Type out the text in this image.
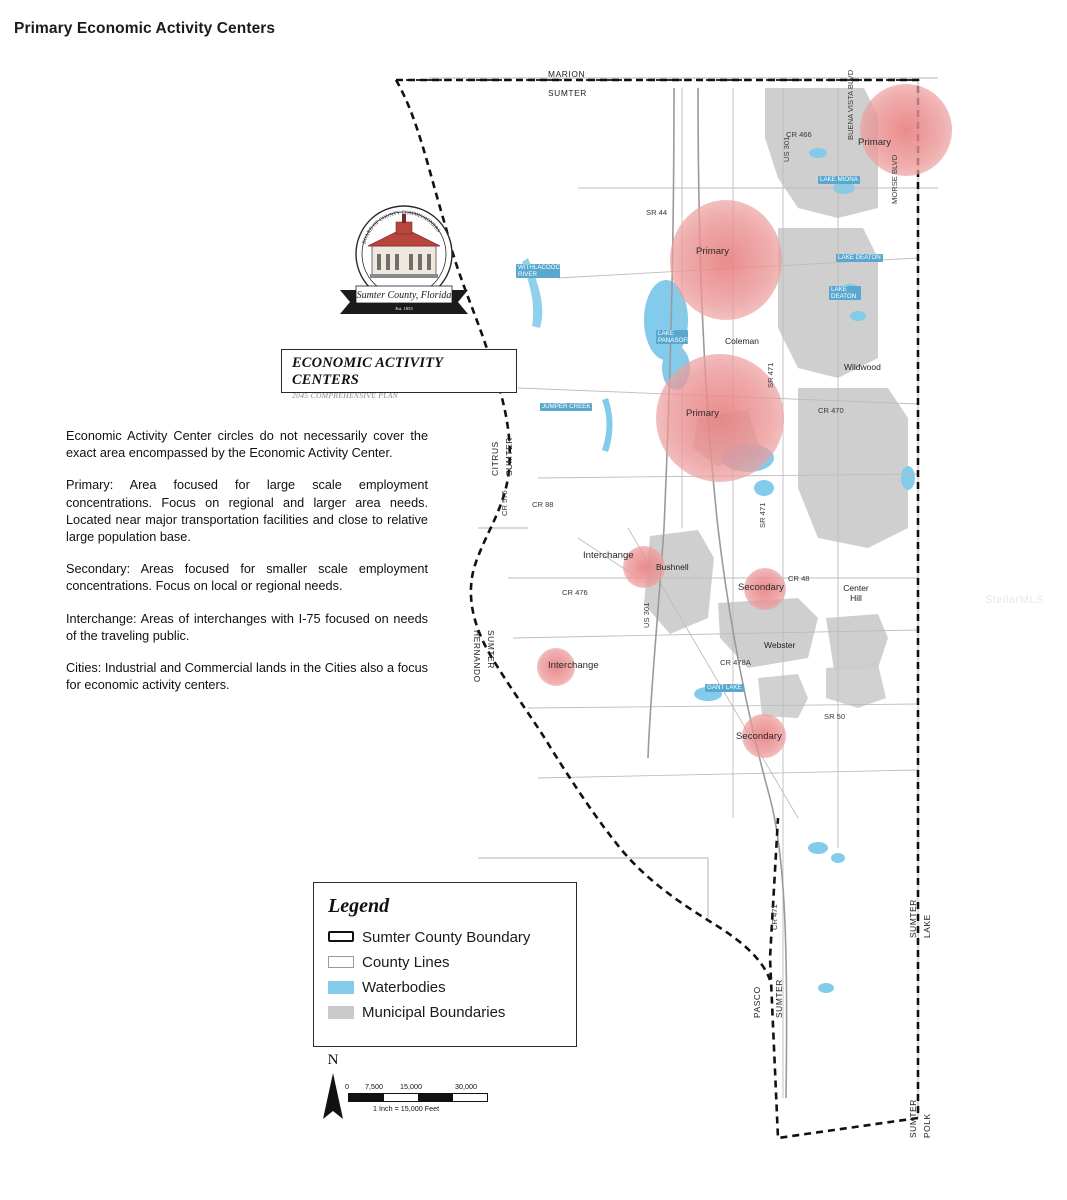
Primary Economic Activity Centers
Primary
Primary
Primary
Interchange
Secondary
Interchange
Secondary
MARION
SUMTER
CITRUS SUMTER
HERNANDO SUMTER
PASCO SUMTER
LAKE
SUMTER
POLK
SUMTER
Coleman
Wildwood
Bushnell
Webster
Center
Hill
CR 466
US 301
BUENA VISTA BLVD
MORSE BLVD
SR 44
CR 470
SR 471
CR 48
CR 476
CR 478A
SR 50
US 301
CR 575	CR 88
SR 471
CR 471
WITHLACOOCHEE
RIVER
LAKE
PANASOFFKEE
JUMPER CREEK
GANT LAKE
LAKE MIONA
LAKE
DEATON
LAKE DEATON
BOARD OF COUNTY COMMISSIONERS
Sumter County, Florida
Est. 1853
ECONOMIC ACTIVITY CENTERS
2045 COMPREHENSIVE PLAN

Economic Activity Center circles do not necessarily cover the exact area encompassed by the Economic Activity Center.

Primary: Area focused for large scale employment concentrations. Focus on regional and larger area needs. Located near major transportation facilities and close to relative large population base.

Secondary: Areas focused for smaller scale employment concentrations. Focus on local or regional needs.

Interchange: Areas of interchanges with I-75 focused on needs of the traveling public.

Cities: Industrial and Commercial lands in the Cities also a focus for economic activity centers.

Legend
Sumter County Boundary
County Lines
Waterbodies
Municipal Boundaries
N
0 7,500 15,000	30,000
1 Inch = 15,000 Feet
StellarMLS
